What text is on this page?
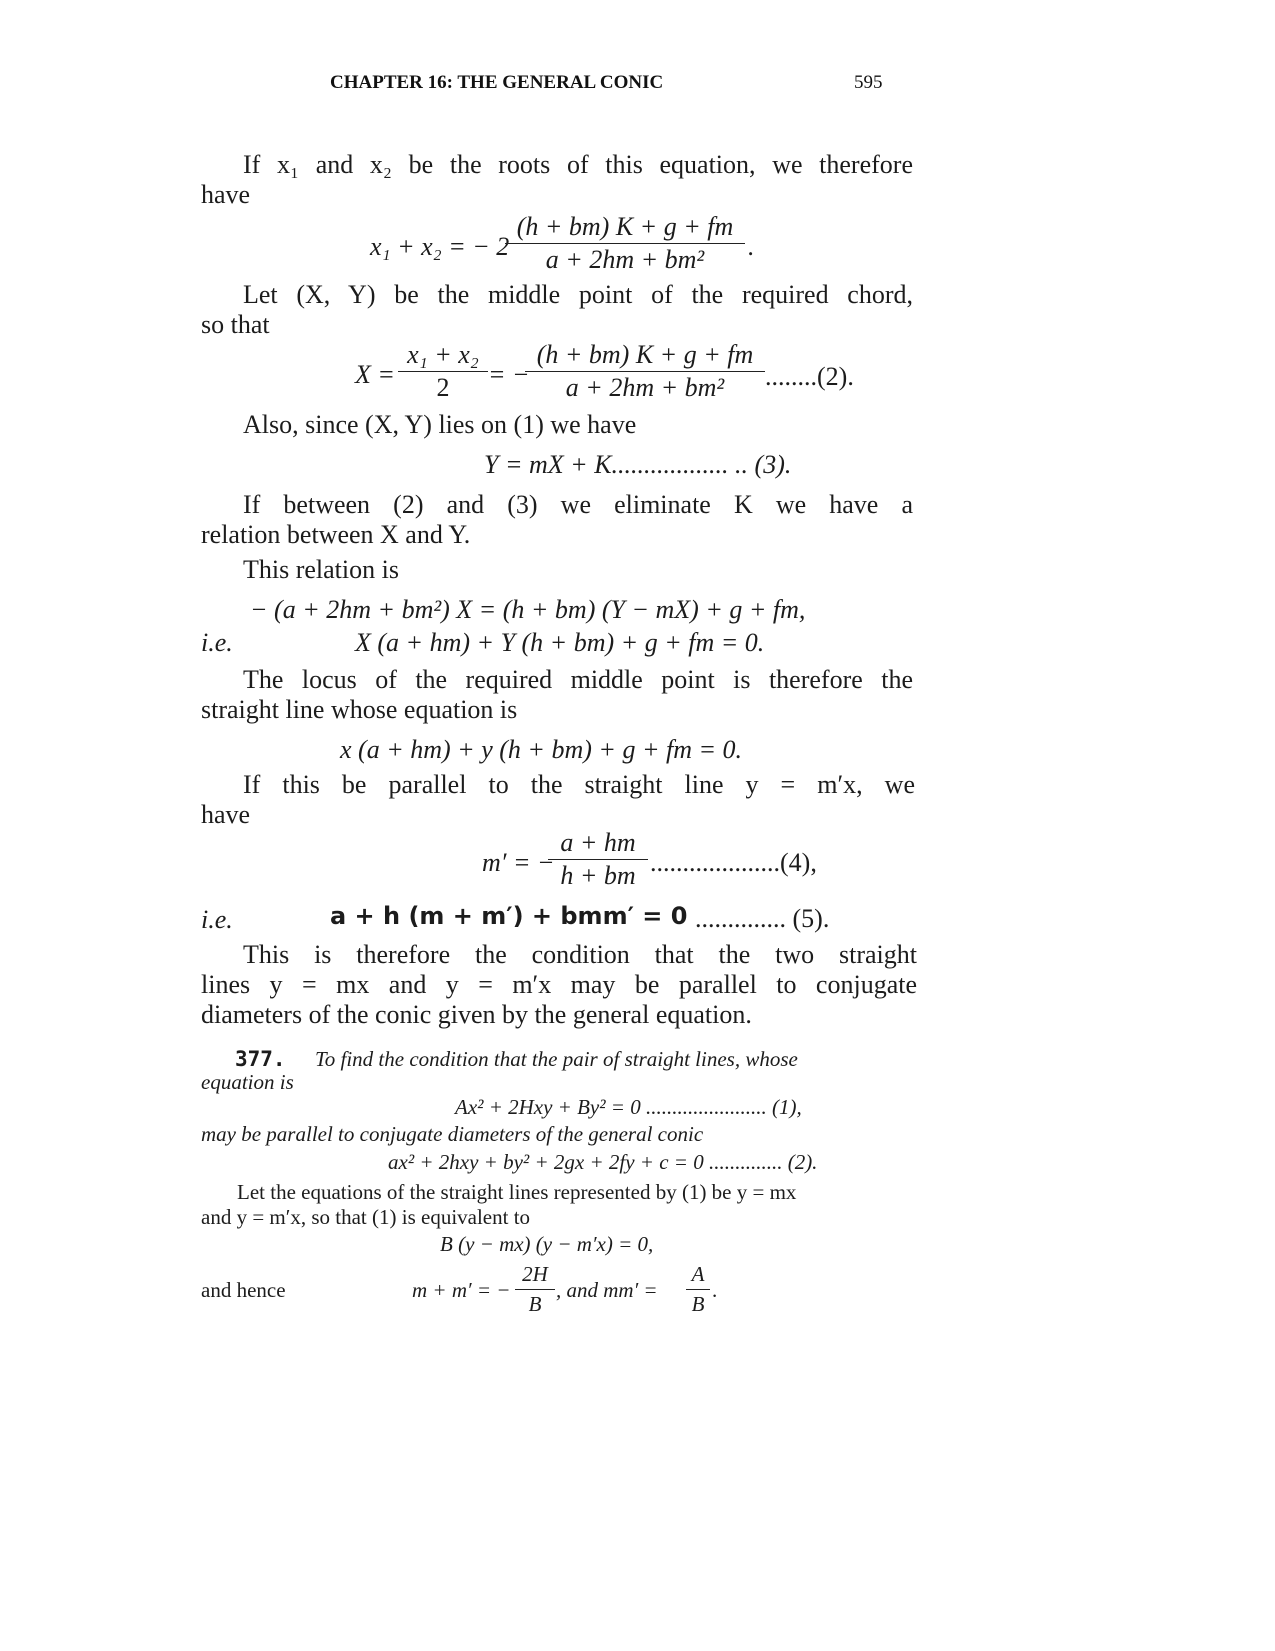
CHAPTER 16: THE GENERAL CONIC	595
If x₁ and x₂ be the roots of this equation, we therefore
have
x₁ + x₂ = − 2
(h + bm) K + g + fm
a + 2hm + bm²	.
Let (X, Y) be the middle point of the required chord,
so that
X =
x₁ + x₂
2	= −
(h + bm) K + g + fm
a + 2hm + bm²	........(2).
Also, since (X, Y) lies on (1) we have
Y = mX + K.................. .. (3).
If between (2) and (3) we eliminate K we have a
relation between X and Y.
This relation is
− (a + 2hm + bm²) X = (h + bm) (Y − mX) + g + fm,
i.e.	X (a + hm) + Y (h + bm) + g + fm = 0.
The locus of the required middle point is therefore the
straight line whose equation is
x (a + hm) + y (h + bm) + g + fm = 0.
If this be parallel to the straight line y = m′x, we
have
m′ = −
a + hm
h + bm ....................(4),
i.e.	a + h (m + m′) + bmm′ = 0 .............. (5).
This is therefore the condition that the two straight
lines y = mx and y = m′x may be parallel to conjugate
diameters of the conic given by the general equation.
377. To find the condition that the pair of straight lines, whose
equation is
Ax² + 2Hxy + By² = 0 ....................... (1),
may be parallel to conjugate diameters of the general conic
ax² + 2hxy + by² + 2gx + 2fy + c = 0 .............. (2).
Let the equations of the straight lines represented by (1) be y = mx
and y = m′x, so that (1) is equivalent to
B (y − mx) (y − m′x) = 0,
and hence	m + m′ = −
2H
B
, and mm′ =
A
B
.
